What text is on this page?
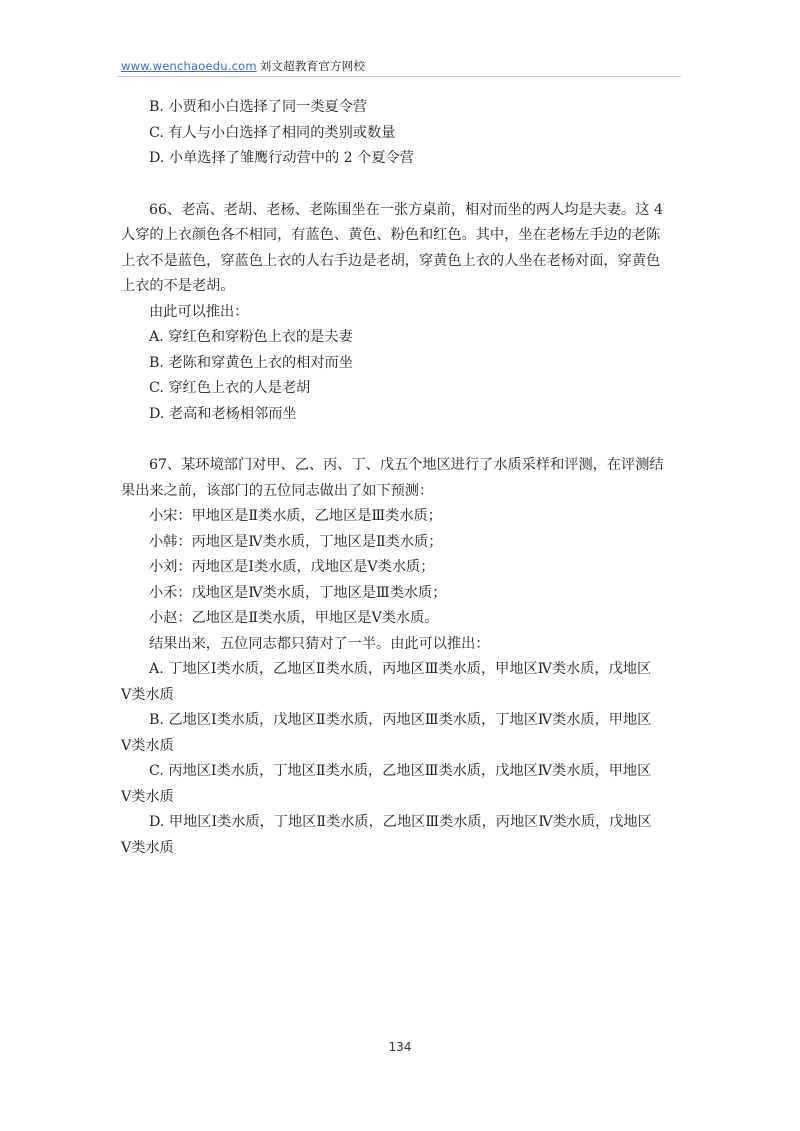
www.wenchaoedu.com 刘文超教育官方网校
B. 小贾和小白选择了同一类夏令营
C. 有人与小白选择了相同的类别或数量
D. 小单选择了雏鹰行动营中的 2 个夏令营
66、老高、老胡、老杨、老陈围坐在一张方桌前，相对而坐的两人均是夫妻。这 4
人穿的上衣颜色各不相同，有蓝色、黄色、粉色和红色。其中，坐在老杨左手边的老陈
上衣不是蓝色，穿蓝色上衣的人右手边是老胡，穿黄色上衣的人坐在老杨对面，穿黄色
上衣的不是老胡。
由此可以推出：
A. 穿红色和穿粉色上衣的是夫妻
B. 老陈和穿黄色上衣的相对而坐
C. 穿红色上衣的人是老胡
D. 老高和老杨相邻而坐
67、某环境部门对甲、乙、丙、丁、戊五个地区进行了水质采样和评测，在评测结
果出来之前，该部门的五位同志做出了如下预测：
小宋：甲地区是Ⅱ类水质，乙地区是Ⅲ类水质；
小韩：丙地区是Ⅳ类水质，丁地区是Ⅱ类水质；
小刘：丙地区是Ⅰ类水质，戊地区是Ⅴ类水质；
小禾：戊地区是Ⅳ类水质，丁地区是Ⅲ类水质；
小赵：乙地区是Ⅱ类水质，甲地区是Ⅴ类水质。
结果出来，五位同志都只猜对了一半。由此可以推出：
A. 丁地区Ⅰ类水质，乙地区Ⅱ类水质，丙地区Ⅲ类水质，甲地区Ⅳ类水质，戊地区
Ⅴ类水质
B. 乙地区Ⅰ类水质，戊地区Ⅱ类水质，丙地区Ⅲ类水质，丁地区Ⅳ类水质，甲地区
Ⅴ类水质
C. 丙地区Ⅰ类水质，丁地区Ⅱ类水质，乙地区Ⅲ类水质，戊地区Ⅳ类水质，甲地区
Ⅴ类水质
D. 甲地区Ⅰ类水质，丁地区Ⅱ类水质，乙地区Ⅲ类水质，丙地区Ⅳ类水质，戊地区
Ⅴ类水质
134
